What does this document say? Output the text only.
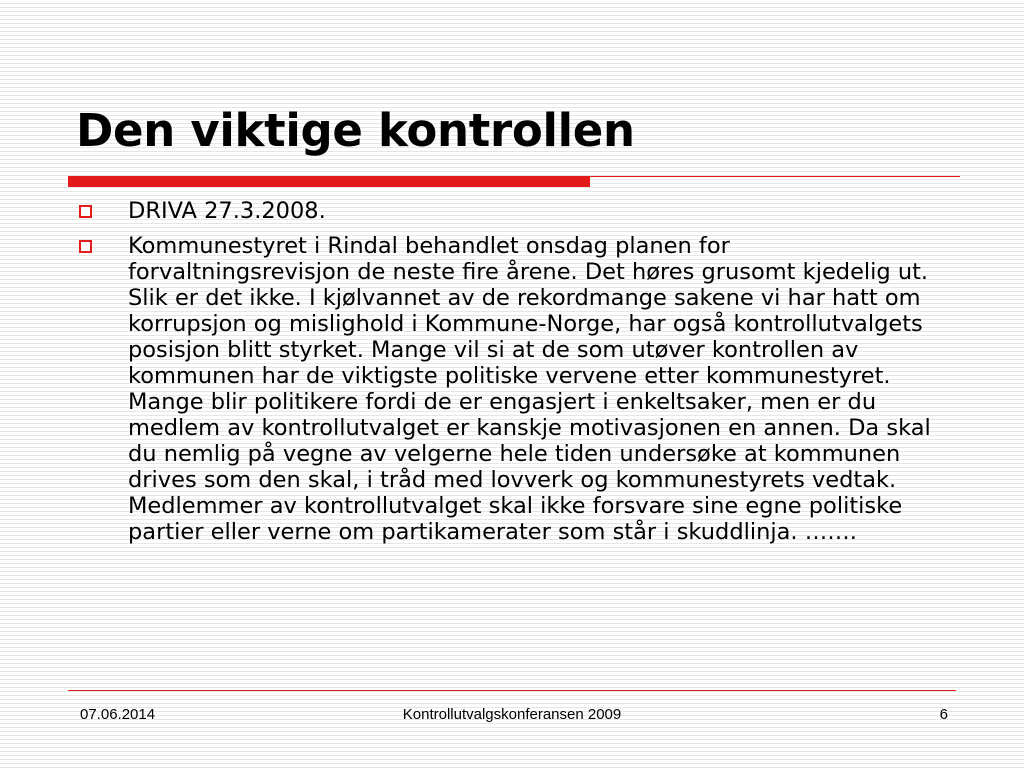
Den viktige kontrollen
DRIVA 27.3.2008.
Kommunestyret i Rindal behandlet onsdag planen for forvaltningsrevisjon de neste fire årene. Det høres grusomt kjedelig ut. Slik er det ikke. I kjølvannet av de rekordmange sakene vi har hatt om korrupsjon og mislighold i Kommune-Norge, har også kontrollutvalgets posisjon blitt styrket. Mange vil si at de som utøver kontrollen av kommunen har de viktigste politiske vervene etter kommunestyret. Mange blir politikere fordi de er engasjert i enkeltsaker, men er du medlem av kontrollutvalget er kanskje motivasjonen en annen. Da skal du nemlig på vegne av velgerne hele tiden undersøke at kommunen drives som den skal, i tråd med lovverk og kommunestyrets vedtak. Medlemmer av kontrollutvalget skal ikke forsvare sine egne politiske partier eller verne om partikamerater som står i skuddlinja. …….
07.06.2014	Kontrollutvalgskonferansen 2009	6
